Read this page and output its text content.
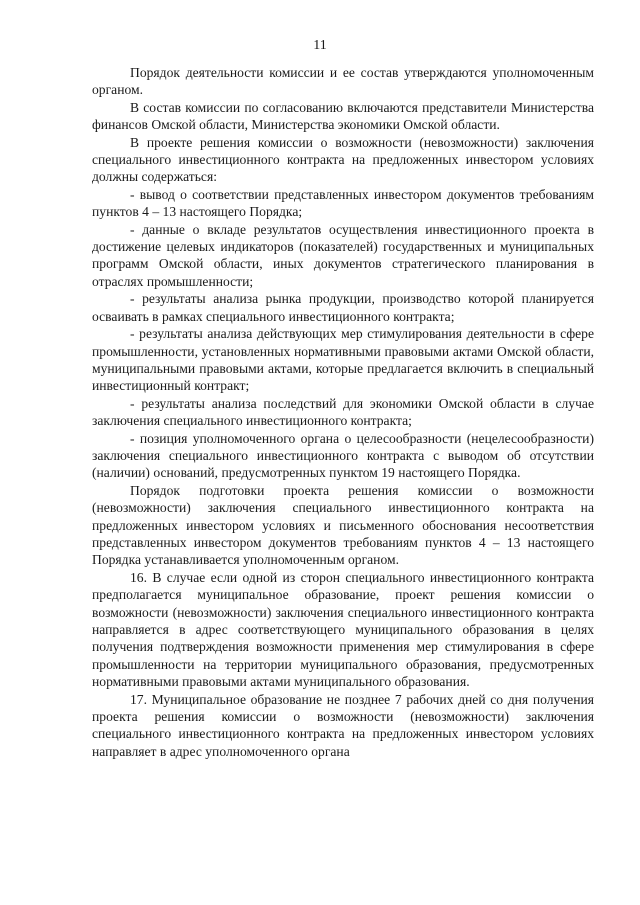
11

Порядок деятельности комиссии и ее состав утверждаются уполномоченным органом.

В состав комиссии по согласованию включаются представители Министерства финансов Омской области, Министерства экономики Омской области.

В проекте решения комиссии о возможности (невозможности) заключения специального инвестиционного контракта на предложенных инвестором условиях должны содержаться:

- вывод о соответствии представленных инвестором документов требованиям пунктов 4 – 13 настоящего Порядка;

- данные о вкладе результатов осуществления инвестиционного проекта в достижение целевых индикаторов (показателей) государственных и муниципальных программ Омской области, иных документов стратегического планирования в отраслях промышленности;

- результаты анализа рынка продукции, производство которой планируется осваивать в рамках специального инвестиционного контракта;

- результаты анализа действующих мер стимулирования деятельности в сфере промышленности, установленных нормативными правовыми актами Омской области, муниципальными правовыми актами, которые предлагается включить в специальный инвестиционный контракт;

- результаты анализа последствий для экономики Омской области в случае заключения специального инвестиционного контракта;

- позиция уполномоченного органа о целесообразности (нецелесообразности) заключения специального инвестиционного контракта с выводом об отсутствии (наличии) оснований, предусмотренных пунктом 19 настоящего Порядка.

Порядок подготовки проекта решения комиссии о возможности (невозможности) заключения специального инвестиционного контракта на предложенных инвестором условиях и письменного обоснования несоответствия представленных инвестором документов требованиям пунктов 4 – 13 настоящего Порядка устанавливается уполномоченным органом.

16. В случае если одной из сторон специального инвестиционного контракта предполагается муниципальное образование, проект решения комиссии о возможности (невозможности) заключения специального инвестиционного контракта направляется в адрес соответствующего муниципального образования в целях получения подтверждения возможности применения мер стимулирования в сфере промышленности на территории муниципального образования, предусмотренных нормативными правовыми актами муниципального образования.

17. Муниципальное образование не позднее 7 рабочих дней со дня получения проекта решения комиссии о возможности (невозможности) заключения специального инвестиционного контракта на предложенных инвестором условиях направляет в адрес уполномоченного органа
